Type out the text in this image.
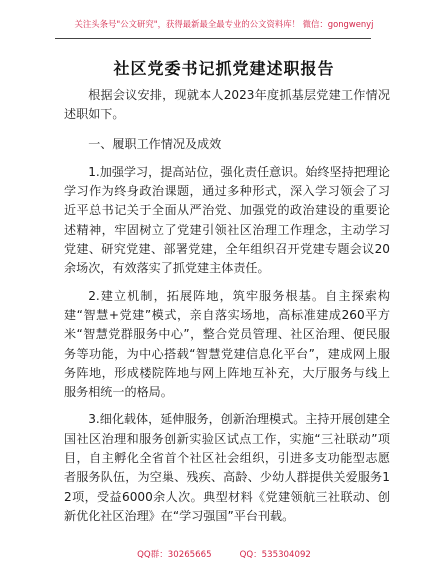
关注头条号"公文研究"，获得最新最全最专业的公文资料库！ 微信：gongwenyj
社区党委书记抓党建述职报告

根据会议安排，现就本人2023年度抓基层党建工作情况述职如下。

一、履职工作情况及成效

1.加强学习，提高站位，强化责任意识。始终坚持把理论学习作为终身政治课题，通过多种形式，深入学习领会了习近平总书记关于全面从严治党、加强党的政治建设的重要论述精神，牢固树立了党建引领社区治理工作理念，主动学习党建、研究党建、部署党建，全年组织召开党建专题会议20余场次，有效落实了抓党建主体责任。

2.建立机制，拓展阵地，筑牢服务根基。自主探索构建“智慧+党建”模式，亲自落实场地，高标准建成260平方米“智慧党群服务中心”，整合党员管理、社区治理、便民服务等功能，为中心搭载“智慧党建信息化平台”，建成网上服务阵地，形成楼院阵地与网上阵地互补充，大厅服务与线上服务相统一的格局。

3.细化载体，延伸服务，创新治理模式。主持开展创建全国社区治理和服务创新实验区试点工作，实施“三社联动”项目，自主孵化全省首个社区社会组织，引进多支功能型志愿者服务队伍，为空巢、残疾、高龄、少幼人群提供关爱服务12项，受益6000余人次。典型材料《党建领航三社联动、创新优化社区治理》在“学习强国”平台刊载。

QQ群：30265665	QQ：535304092
